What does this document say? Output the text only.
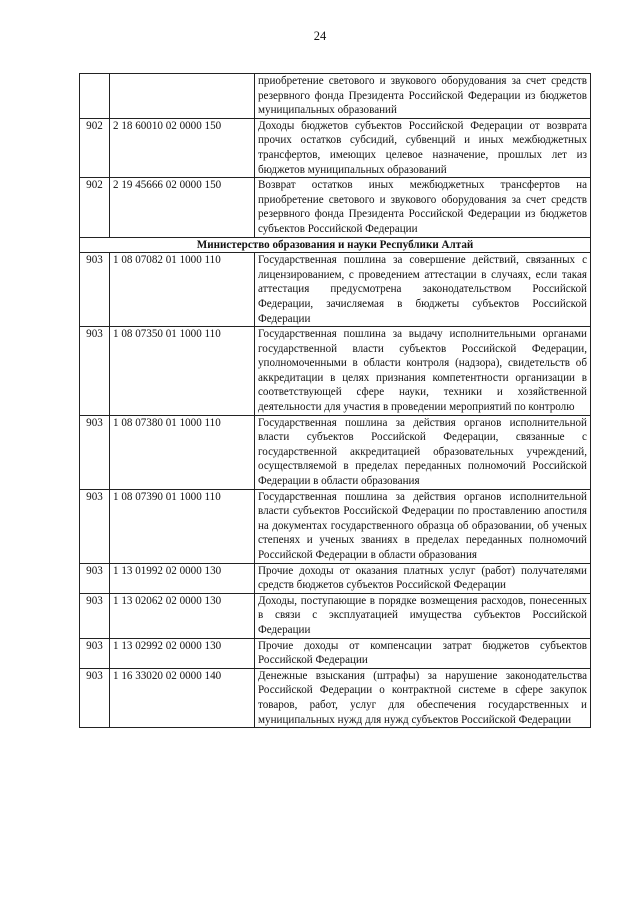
24
		приобретение светового и звукового оборудования за счет средств резервного фонда Президента Российской Федерации из бюджетов муниципальных образований
902	2 18 60010 02 0000 150	Доходы бюджетов субъектов Российской Федерации от возврата прочих остатков субсидий, субвенций и иных межбюджетных трансфертов, имеющих целевое назначение, прошлых лет из бюджетов муниципальных образований
902	2 19 45666 02 0000 150	Возврат остатков иных межбюджетных трансфертов на приобретение светового и звукового оборудования за счет средств резервного фонда Президента Российской Федерации из бюджетов субъектов Российской Федерации
Министерство образования и науки Республики Алтай		
903	1 08 07082 01 1000 110	Государственная пошлина за совершение действий, связанных с лицензированием, с проведением аттестации в случаях, если такая аттестация предусмотрена законодательством Российской Федерации, зачисляемая в бюджеты субъектов Российской Федерации
903	1 08 07350 01 1000 110	Государственная пошлина за выдачу исполнительными органами государственной власти субъектов Российской Федерации, уполномоченными в области контроля (надзора), свидетельств об аккредитации в целях признания компетентности организации в соответствующей сфере науки, техники и хозяйственной деятельности для участия в проведении мероприятий по контролю
903	1 08 07380 01 1000 110	Государственная пошлина за действия органов исполнительной власти субъектов Российской Федерации, связанные с государственной аккредитацией образовательных учреждений, осуществляемой в пределах переданных полномочий Российской Федерации в области образования
903	1 08 07390 01 1000 110	Государственная пошлина за действия органов исполнительной власти субъектов Российской Федерации по проставлению апостиля на документах государственного образца об образовании, об ученых степенях и ученых званиях в пределах переданных полномочий Российской Федерации в области образования
903	1 13 01992 02 0000 130	Прочие доходы от оказания платных услуг (работ) получателями средств бюджетов субъектов Российской Федерации
903	1 13 02062 02 0000 130	Доходы, поступающие в порядке возмещения расходов, понесенных в связи с эксплуатацией имущества субъектов Российской Федерации
903	1 13 02992 02 0000 130	Прочие доходы от компенсации затрат бюджетов субъектов Российской Федерации
903	1 16 33020 02 0000 140	Денежные взыскания (штрафы) за нарушение законодательства Российской Федерации о контрактной системе в сфере закупок товаров, работ, услуг для обеспечения государственных и муниципальных нужд для нужд субъектов Российской Федерации
